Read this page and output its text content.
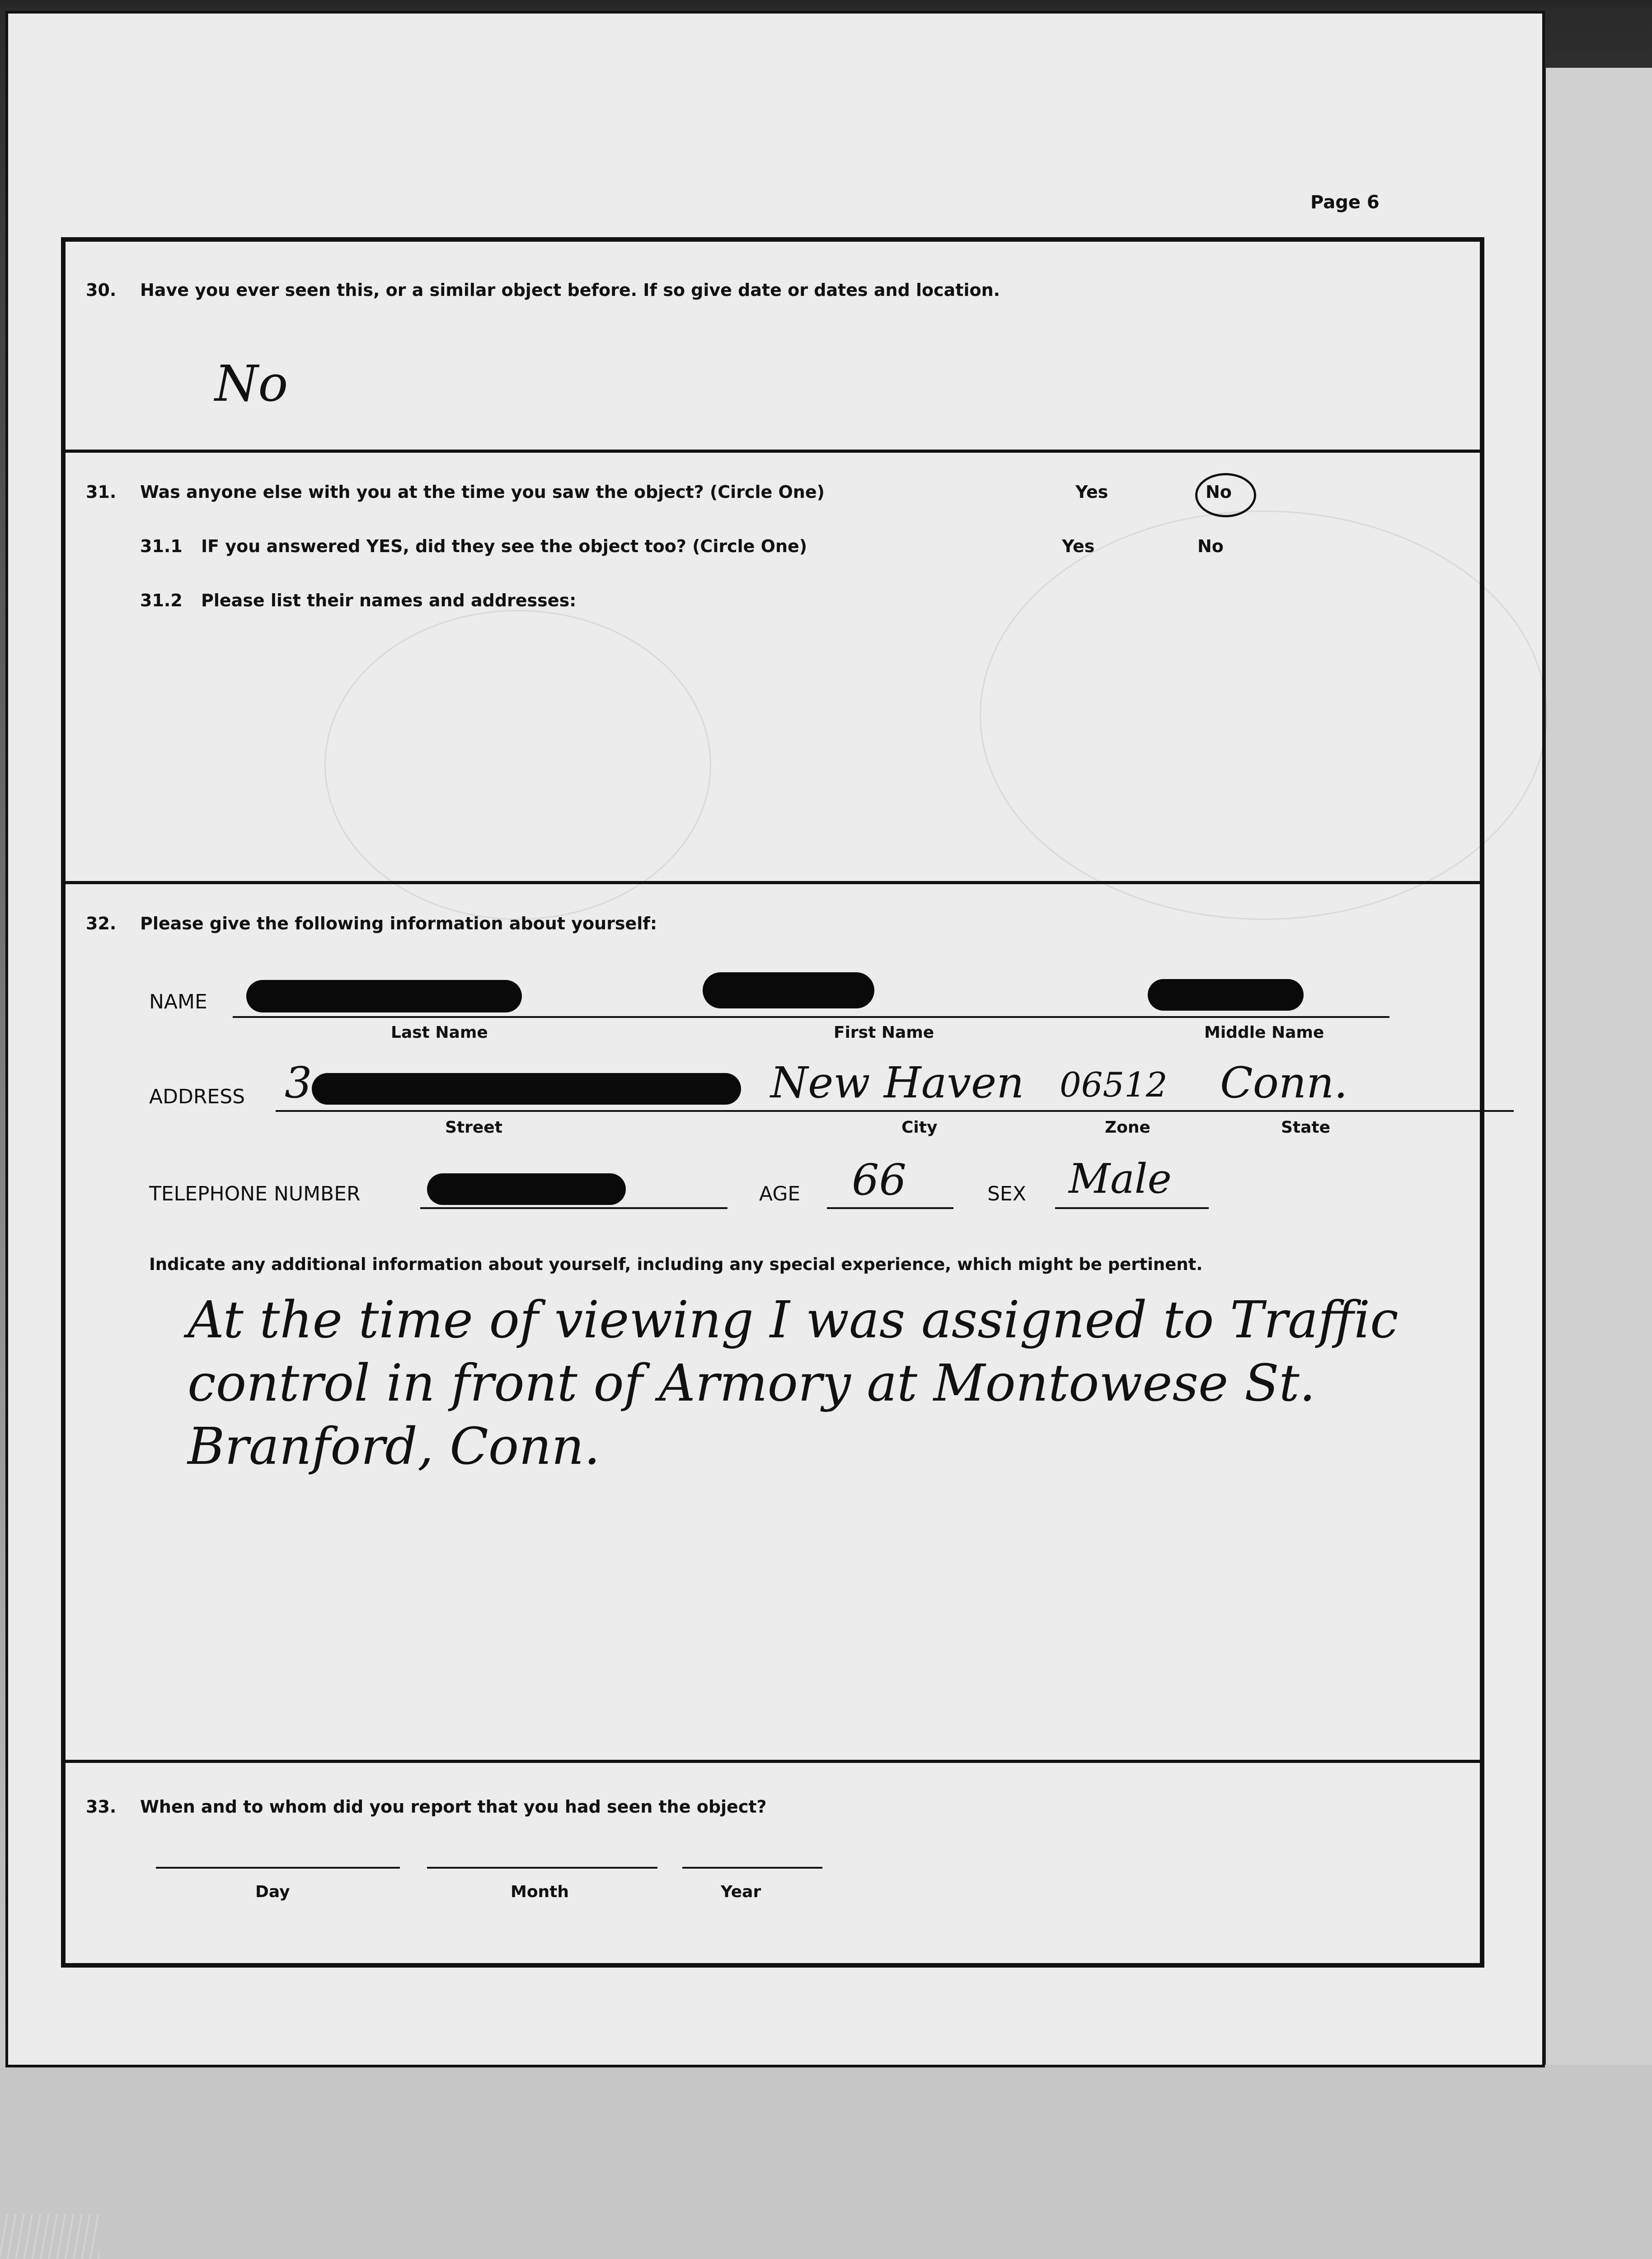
Page 6
30. Have you ever seen this, or a similar object before. If so give date or dates and location.
No
31. Was anyone else with you at the time you saw the object? (Circle One)	Yes	No
31.1 IF you answered YES, did they see the object too? (Circle One)	Yes	No
31.2 Please list their names and addresses:
32. Please give the following information about yourself:
NAME
Last Name	First Name	Middle Name
ADDRESS 3	New Haven 06512 Conn.
Street	City	Zone	State
TELEPHONE NUMBER	AGE 66	SEX Male
Indicate any additional information about yourself, including any special experience, which might be pertinent.
At the time of viewing I was assigned to Traffic
control in front of Armory at Montowese St.
Branford, Conn.
33. When and to whom did you report that you had seen the object?
Day	Month	Year
